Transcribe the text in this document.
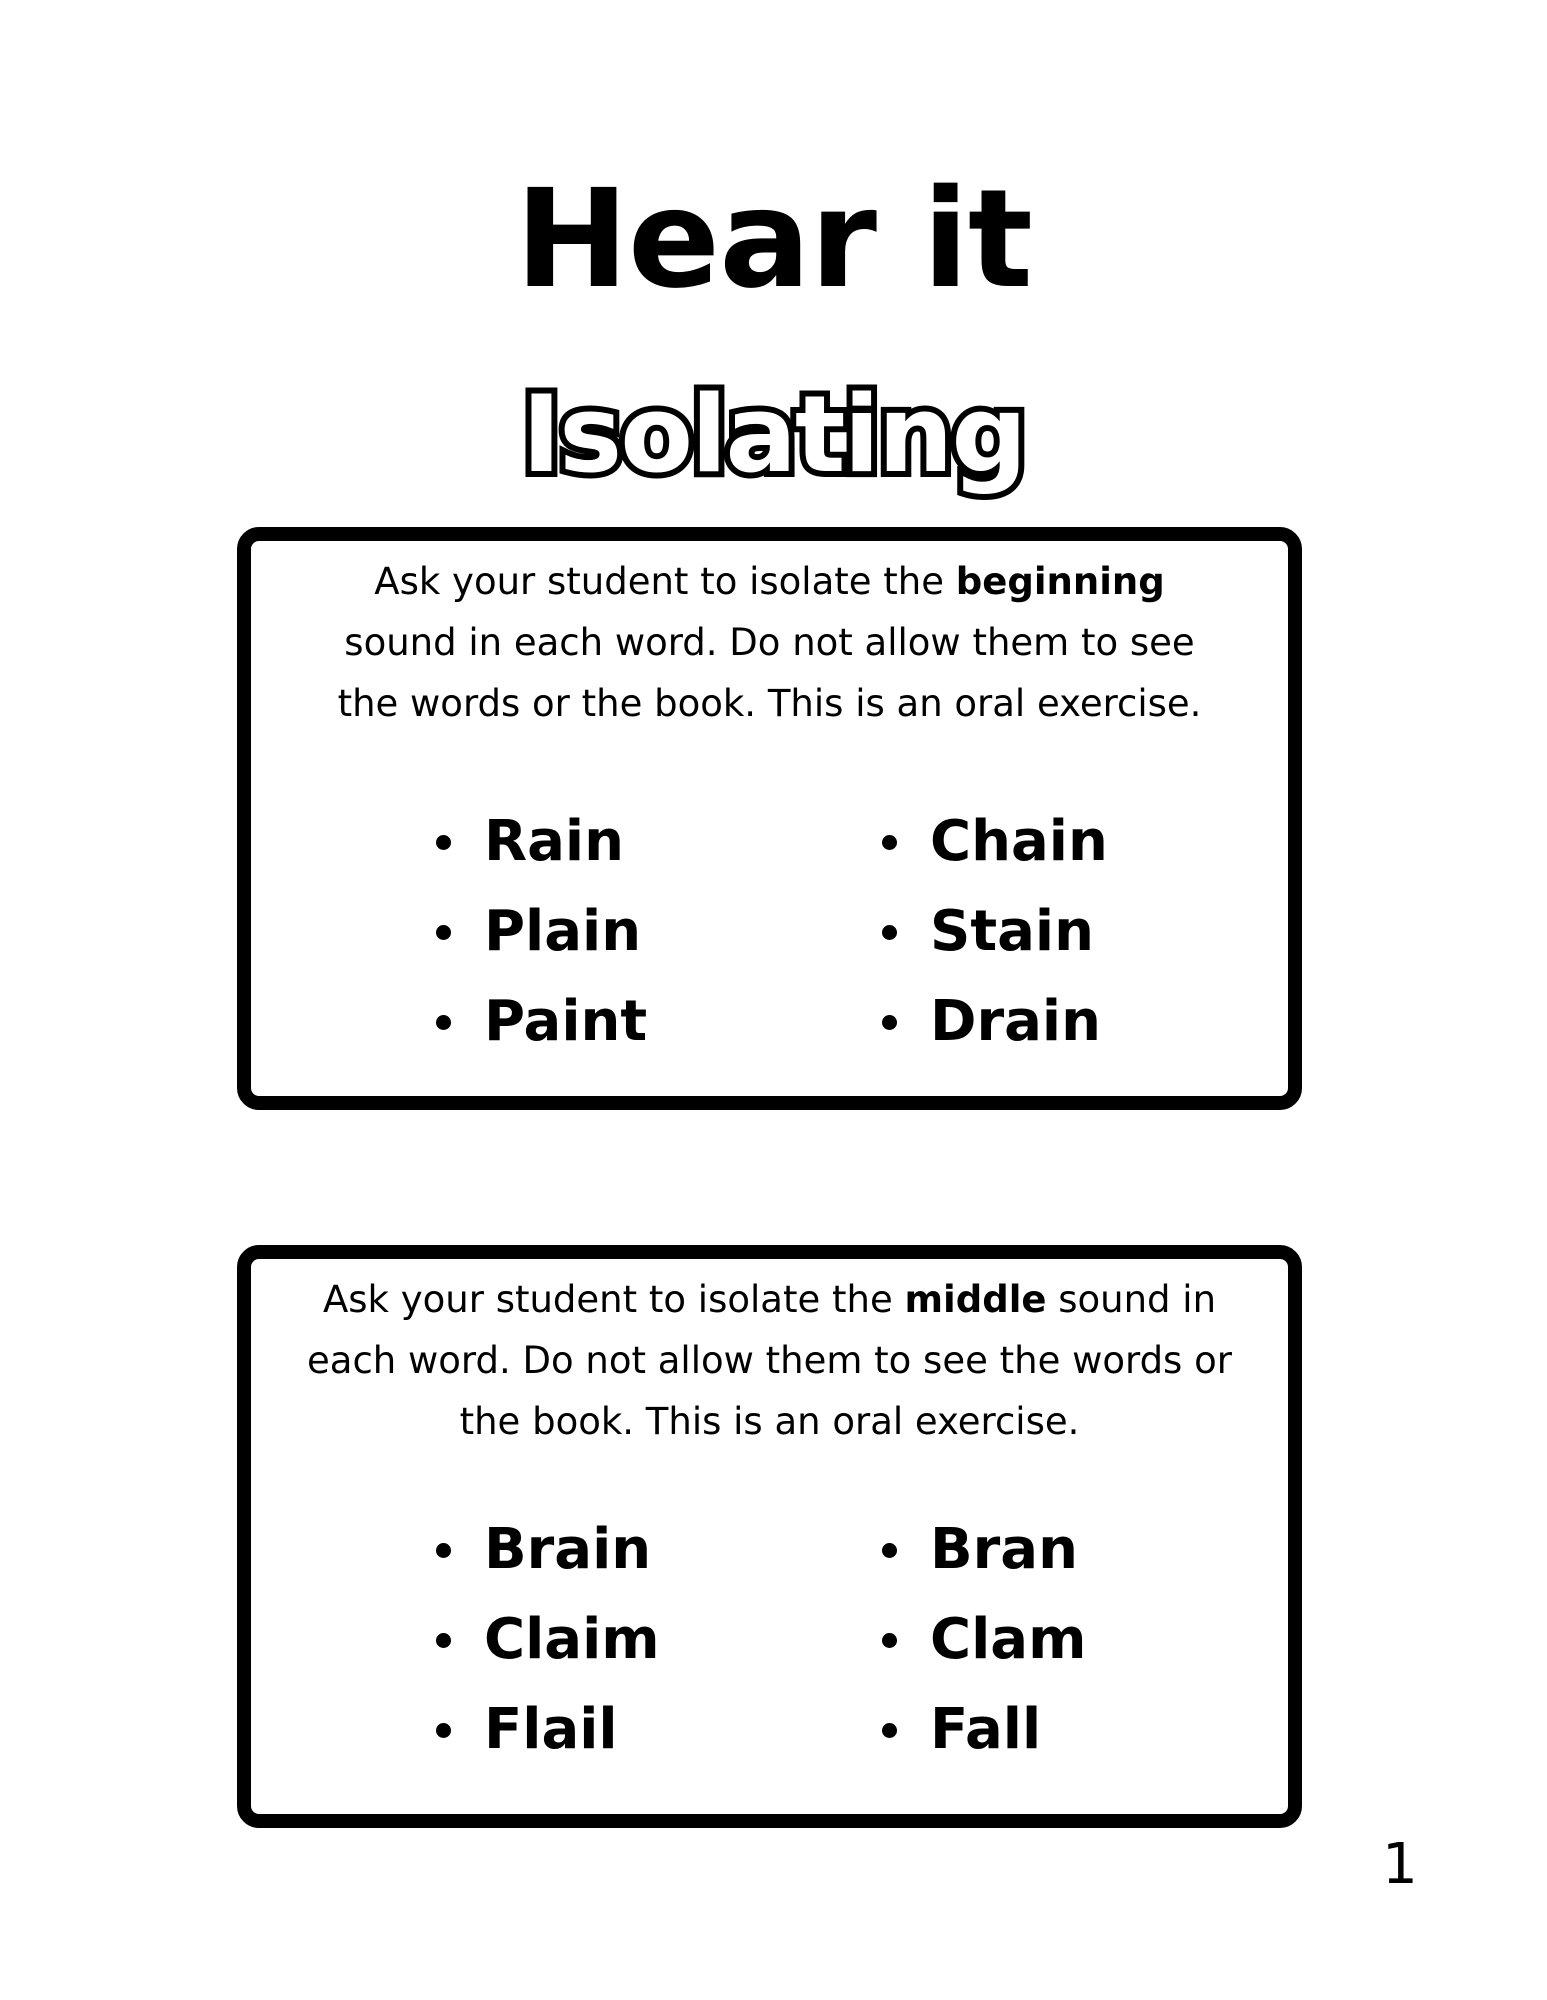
Hear it
Isolating

Ask your student to isolate the beginning sound in each word. Do not allow them to see the words or the book. This is an oral exercise.

Rain
Plain
Paint
Chain
Stain
Drain

Ask your student to isolate the middle sound in each word. Do not allow them to see the words or the book. This is an oral exercise.

Brain
Claim
Flail
Bran
Clam
Fall

1
